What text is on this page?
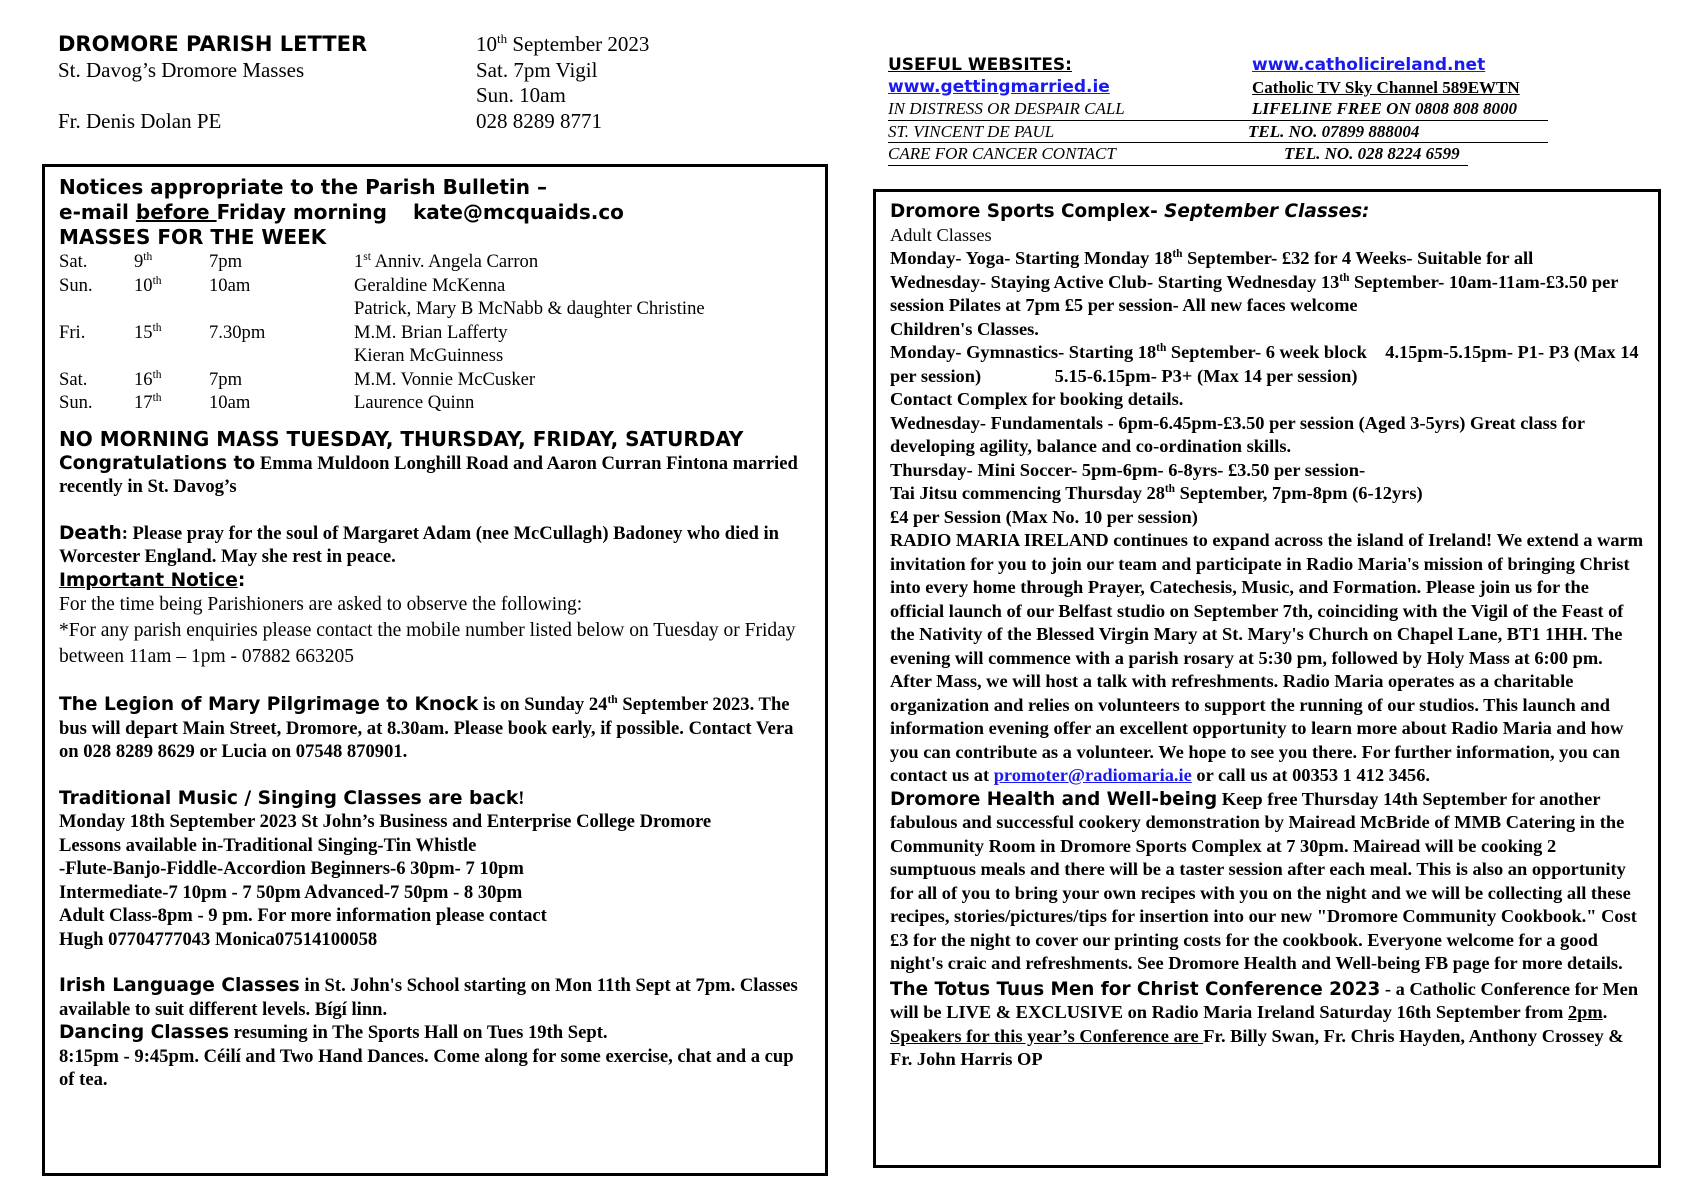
DROMORE PARISH LETTER
St. Davog’s Dromore Masses
Fr. Denis Dolan PE
10th September 2023
Sat. 7pm Vigil
Sun. 10am
028 8289 8771
USEFUL WEBSITES:	www.catholicireland.net
www.gettingmarried.ie	Catholic TV Sky Channel 589EWTN
IN DISTRESS OR DESPAIR CALL	LIFELINE FREE ON 0808 808 8000
ST. VINCENT DE PAUL	TEL. NO. 07899 888004
CARE FOR CANCER CONTACT	TEL. NO. 028 8224 6599
Notices appropriate to the Parish Bulletin –
e-mail before Friday morning kate@mcquaids.co
MASSES FOR THE WEEK
Sat.	9th	7pm	1st Anniv. Angela Carron
Sun.	10th	10am	Geraldine McKenna
Patrick, Mary B McNabb & daughter Christine
Fri.	15th	7.30pm	M.M. Brian Lafferty
Kieran McGuinness
Sat.	16th	7pm	M.M. Vonnie McCusker
Sun.	17th	10am	Laurence Quinn
NO MORNING MASS TUESDAY, THURSDAY, FRIDAY, SATURDAY
Congratulations to Emma Muldoon Longhill Road and Aaron Curran Fintona married recently in St. Davog’s
Death: Please pray for the soul of Margaret Adam (nee McCullagh) Badoney who died in Worcester England. May she rest in peace.
Important Notice:
For the time being Parishioners are asked to observe the following:
*For any parish enquiries please contact the mobile number listed below on Tuesday or Friday between 11am – 1pm - 07882 663205
The Legion of Mary Pilgrimage to Knock is on Sunday 24th September 2023. The bus will depart Main Street, Dromore, at 8.30am. Please book early, if possible. Contact Vera on 028 8289 8629 or Lucia on 07548 870901.
Traditional Music / Singing Classes are back!
Monday 18th September 2023 St John’s Business and Enterprise College Dromore
Lessons available in-Traditional Singing-Tin Whistle
-Flute-Banjo-Fiddle-Accordion Beginners-6 30pm- 7 10pm
Intermediate-7 10pm - 7 50pm Advanced-7 50pm - 8 30pm
Adult Class-8pm - 9 pm. For more information please contact
Hugh 07704777043 Monica07514100058
Irish Language Classes in St. John's School starting on Mon 11th Sept at 7pm. Classes available to suit different levels. Bígí linn.
Dancing Classes resuming in The Sports Hall on Tues 19th Sept.
8:15pm - 9:45pm. Céilí and Two Hand Dances. Come along for some exercise, chat and a cup of tea.
Dromore Sports Complex- September Classes:
Adult Classes
Monday- Yoga- Starting Monday 18th September- £32 for 4 Weeks- Suitable for all
Wednesday- Staying Active Club- Starting Wednesday 13th September- 10am-11am-£3.50 per session Pilates at 7pm £5 per session- All new faces welcome
Children's Classes.
Monday- Gymnastics- Starting 18th September- 6 week block    4.15pm-5.15pm- P1- P3 (Max 14 per session)                5.15-6.15pm- P3+ (Max 14 per session)
Contact Complex for booking details.
Wednesday- Fundamentals - 6pm-6.45pm-£3.50 per session (Aged 3-5yrs) Great class for developing agility, balance and co-ordination skills.
Thursday- Mini Soccer- 5pm-6pm- 6-8yrs- £3.50 per session-
Tai Jitsu commencing Thursday 28th September, 7pm-8pm (6-12yrs)
£4 per Session (Max No. 10 per session)
RADIO MARIA IRELAND continues to expand across the island of Ireland! We extend a warm invitation for you to join our team and participate in Radio Maria's mission of bringing Christ into every home through Prayer, Catechesis, Music, and Formation. Please join us for the official launch of our Belfast studio on September 7th, coinciding with the Vigil of the Feast of the Nativity of the Blessed Virgin Mary at St. Mary's Church on Chapel Lane, BT1 1HH. The evening will commence with a parish rosary at 5:30 pm, followed by Holy Mass at 6:00 pm. After Mass, we will host a talk with refreshments. Radio Maria operates as a charitable organization and relies on volunteers to support the running of our studios. This launch and information evening offer an excellent opportunity to learn more about Radio Maria and how you can contribute as a volunteer. We hope to see you there. For further information, you can contact us at promoter@radiomaria.ie or call us at 00353 1 412 3456.
Dromore Health and Well-being Keep free Thursday 14th September for another fabulous and successful cookery demonstration by Mairead McBride of MMB Catering in the Community Room in Dromore Sports Complex at 7 30pm. Mairead will be cooking 2 sumptuous meals and there will be a taster session after each meal. This is also an opportunity for all of you to bring your own recipes with you on the night and we will be collecting all these recipes, stories/pictures/tips for insertion into our new "Dromore Community Cookbook." Cost £3 for the night to cover our printing costs for the cookbook. Everyone welcome for a good night's craic and refreshments. See Dromore Health and Well-being FB page for more details.
The Totus Tuus Men for Christ Conference 2023 - a Catholic Conference for Men will be LIVE & EXCLUSIVE on Radio Maria Ireland Saturday 16th September from 2pm. Speakers for this year’s Conference are Fr. Billy Swan, Fr. Chris Hayden, Anthony Crossey & Fr. John Harris OP
